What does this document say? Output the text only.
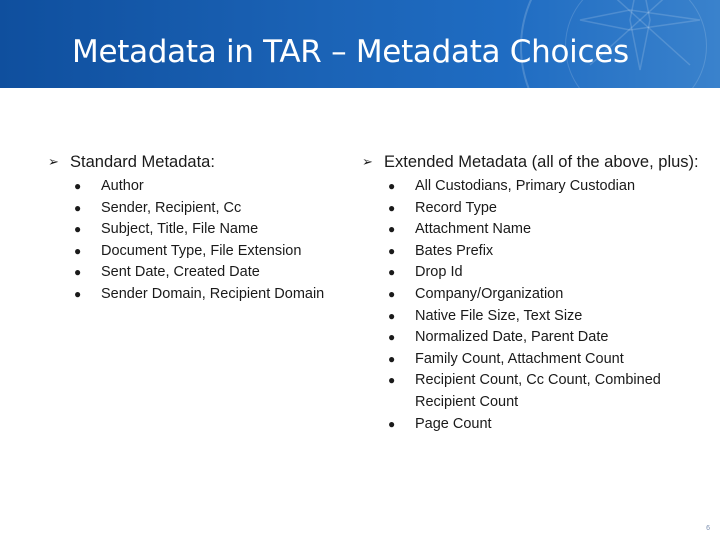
Metadata in TAR – Metadata Choices
➢ Standard Metadata:
●	Author
●	Sender, Recipient, Cc
●	Subject, Title, File Name
●	Document Type, File Extension
●	Sent Date, Created Date
●	Sender Domain, Recipient Domain
➢ Extended Metadata (all of the above, plus):
●	All Custodians, Primary Custodian
●	Record Type
●	Attachment Name
●	Bates Prefix
●	Drop Id
●	Company/Organization
●	Native File Size, Text Size
●	Normalized Date, Parent Date
●	Family Count, Attachment Count
●	Recipient Count, Cc Count, Combined Recipient Count
●	Page Count
6
